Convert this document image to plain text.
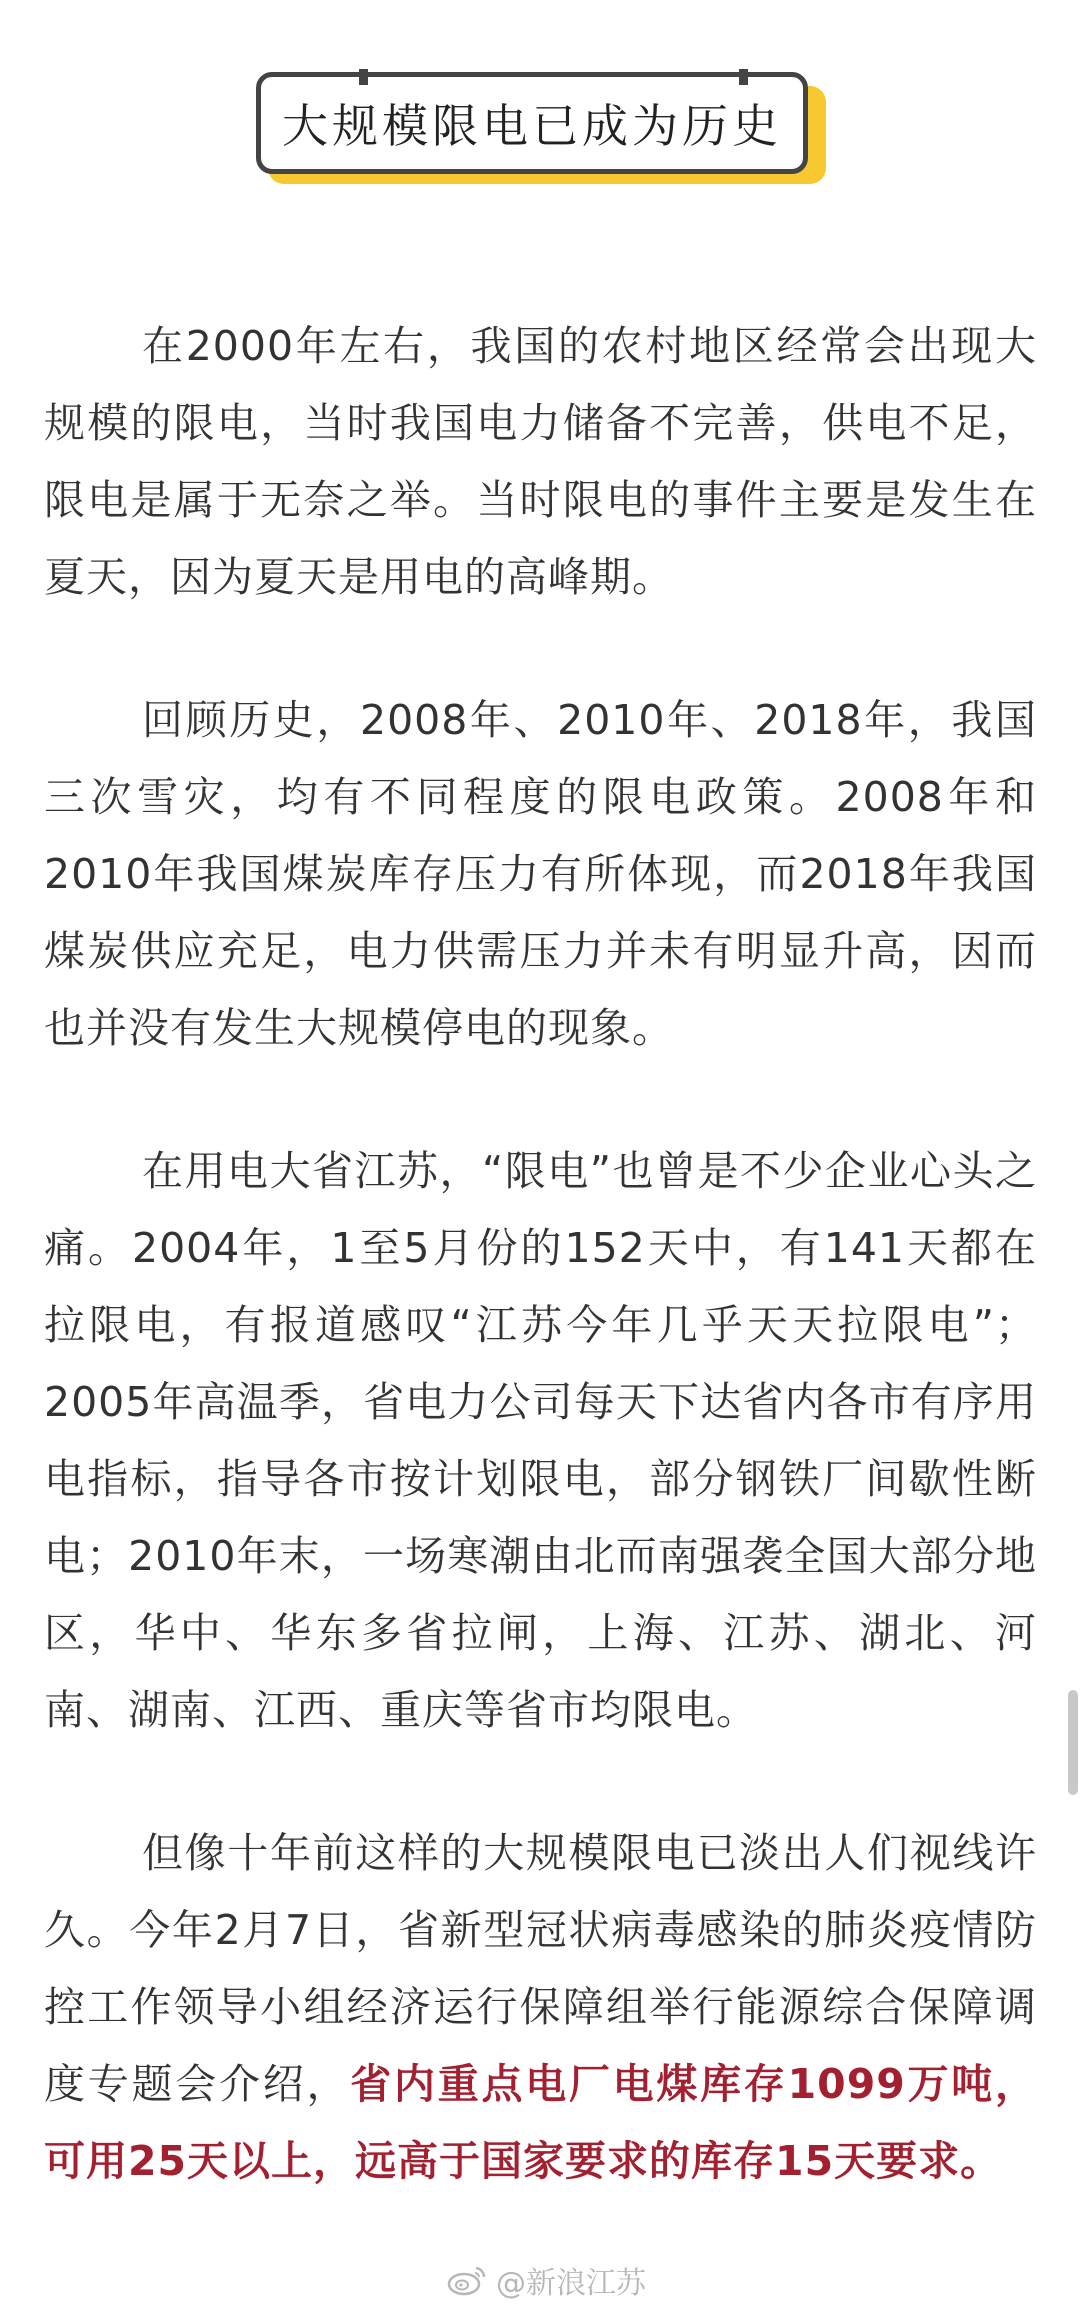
大规模限电已成为历史

在2000年左右，我国的农村地区经常会出现大规模的限电，当时我国电力储备不完善，供电不足，限电是属于无奈之举。当时限电的事件主要是发生在夏天，因为夏天是用电的高峰期。

回顾历史，2008年、2010年、2018年，我国三次雪灾，均有不同程度的限电政策。2008年和2010年我国煤炭库存压力有所体现，而2018年我国煤炭供应充足，电力供需压力并未有明显升高，因而也并没有发生大规模停电的现象。

在用电大省江苏，“限电”也曾是不少企业心头之痛。2004年，1至5月份的152天中，有141天都在拉限电，有报道感叹“江苏今年几乎天天拉限电”；2005年高温季，省电力公司每天下达省内各市有序用电指标，指导各市按计划限电，部分钢铁厂间歇性断电；2010年末，一场寒潮由北而南强袭全国大部分地区，华中、华东多省拉闸，上海、江苏、湖北、河南、湖南、江西、重庆等省市均限电。

但像十年前这样的大规模限电已淡出人们视线许久。今年2月7日，省新型冠状病毒感染的肺炎疫情防控工作领导小组经济运行保障组举行能源综合保障调度专题会介绍，省内重点电厂电煤库存1099万吨，可用25天以上，远高于国家要求的库存15天要求。

@新浪江苏
